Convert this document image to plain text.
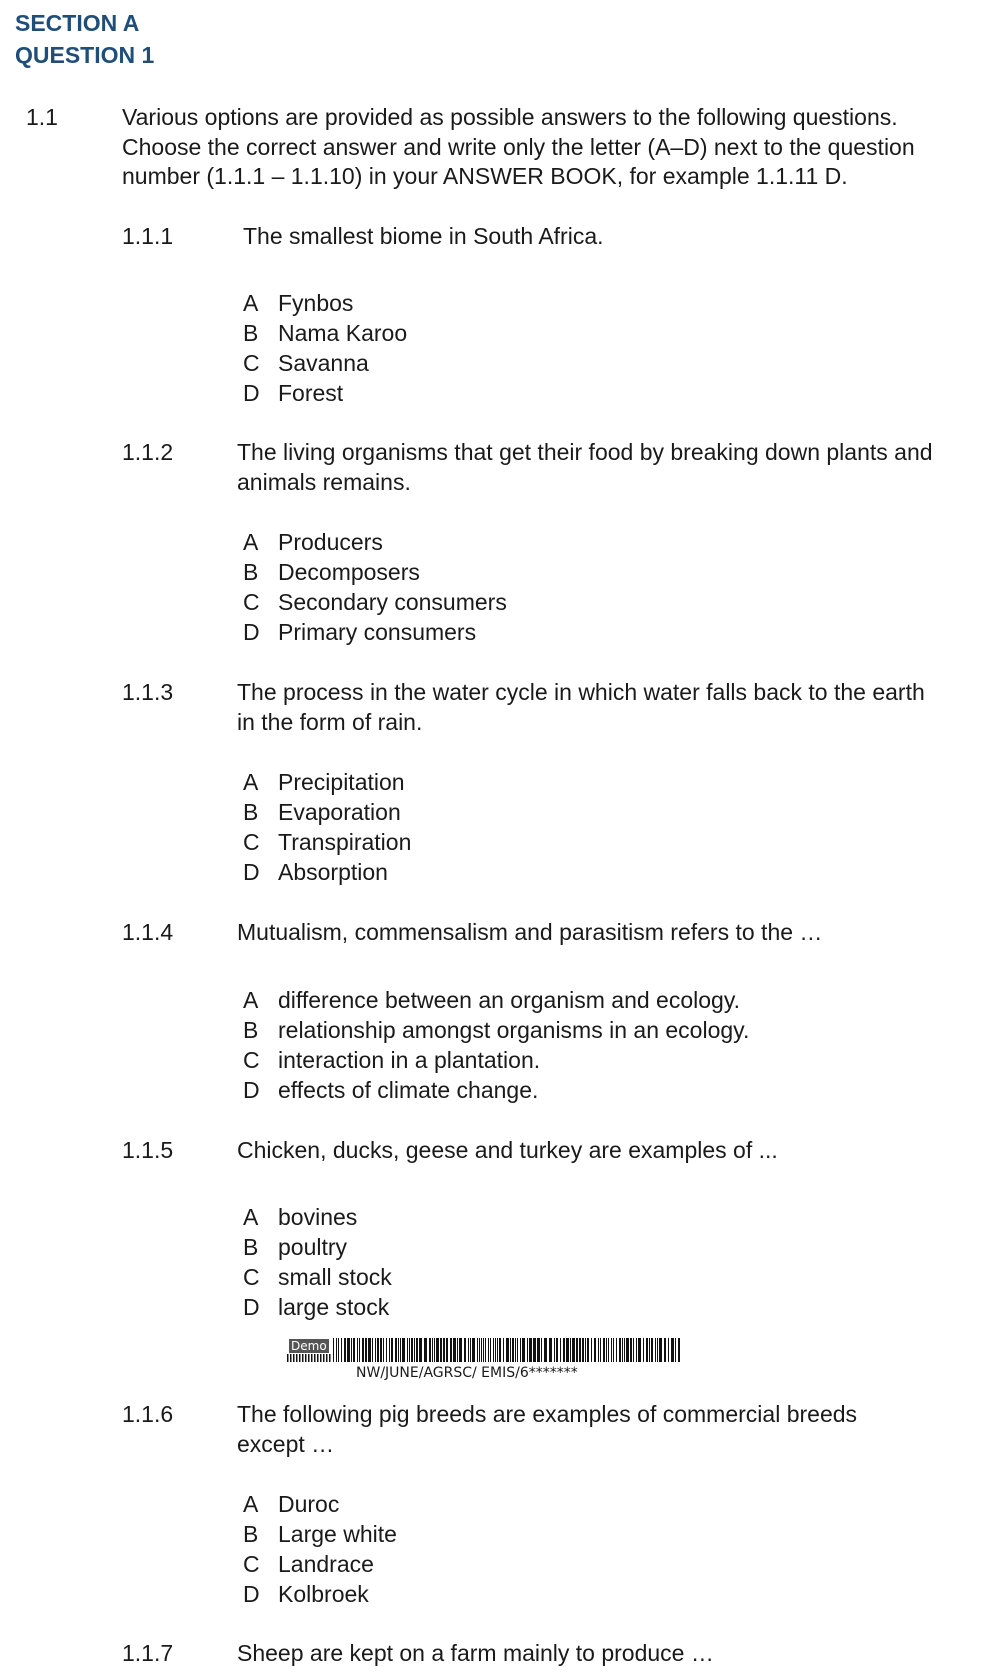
SECTION A
QUESTION 1
1.1	Various options are provided as possible answers to the following questions.
Choose the correct answer and write only the letter (A–D) next to the question
number (1.1.1 – 1.1.10) in your ANSWER BOOK, for example 1.1.11 D.
1.1.1	The smallest biome in South Africa.
A Fynbos
B Nama Karoo
C Savanna
D Forest
1.1.2	The living organisms that get their food by breaking down plants and
animals remains.
A Producers
B Decomposers
C Secondary consumers
D Primary consumers
1.1.3	The process in the water cycle in which water falls back to the earth
in the form of rain.
A Precipitation
B Evaporation
C Transpiration
D Absorption
1.1.4	Mutualism, commensalism and parasitism refers to the …
A difference between an organism and ecology.
B relationship amongst organisms in an ecology.
C interaction in a plantation.
D effects of climate change.
1.1.5	Chicken, ducks, geese and turkey are examples of ...
A bovines
B poultry
C small stock
D large stock
Demo
NW/JUNE/AGRSC/ EMIS/6*******
1.1.6	The following pig breeds are examples of commercial breeds
except …
A Duroc
B Large white
C Landrace
D Kolbroek
1.1.7	Sheep are kept on a farm mainly to produce …
